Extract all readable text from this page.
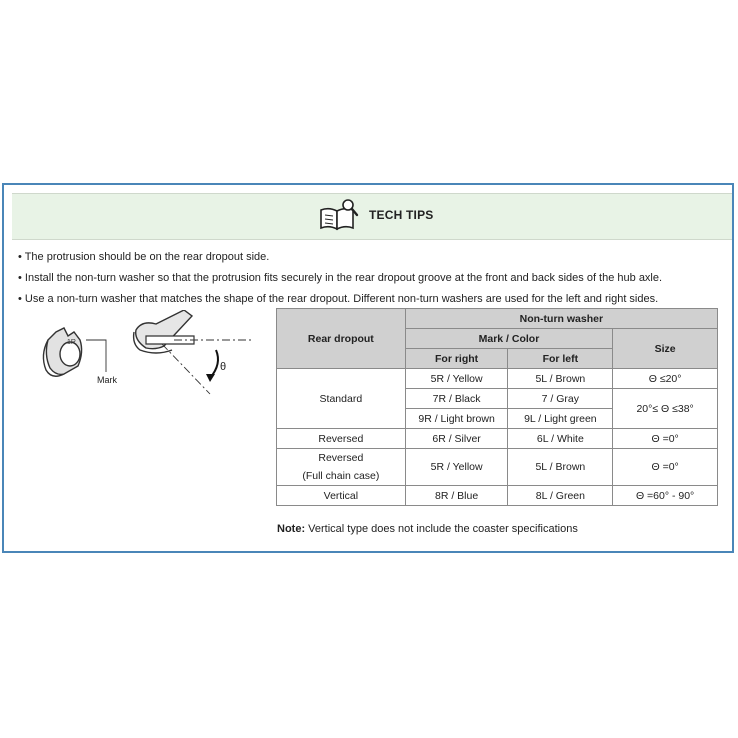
TECH TIPS
• The protrusion should be on the rear dropout side.
• Install the non-turn washer so that the protrusion fits securely in the rear dropout groove at the front and back sides of the hub axle.
• Use a non-turn washer that matches the shape of the rear dropout. Different non-turn washers are used for the left and right sides.
1R
Mark
θ
Rear dropout	Non-turn washer		
	Mark / Color		Size
	For right	For left	
Standard	5R / Yellow	5L / Brown	Θ ≤20°
	7R / Black	7 / Gray	20°≤ Θ ≤38°
	9R / Light brown	9L / Light green	
Reversed	6R / Silver	6L / White	Θ =0°

Reversed
(Full chain case)	5R / Yellow	5L / Brown	Θ =0°
Vertical	8R / Blue	8L / Green	Θ =60° - 90°
Note: Vertical type does not include the coaster specifications
